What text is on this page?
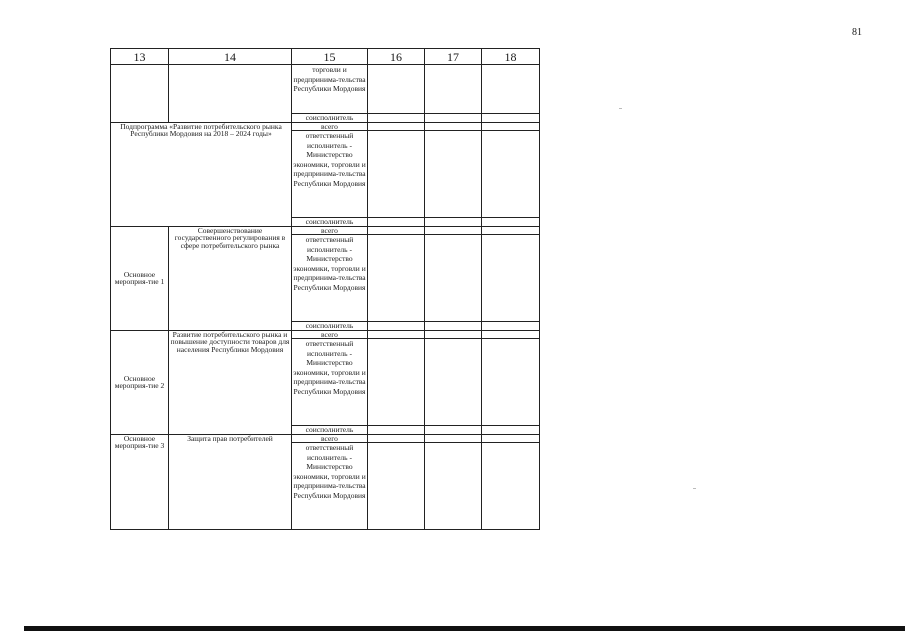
81
13	14	15	16	17	18
		торговли и предпринима-тельства Республики Мордовия			
		соисполнитель			
Подпрограмма «Развитие потребительского рынка Республики Мордовия на 2018 – 2024 годы»		всего			
		ответственный исполнитель - Министерство экономики, торговли и предпринима-тельства Республики Мордовия			
		соисполнитель			
Основное мероприя-тие 1	Совершенствование государственного регулирования в сфере потребительского рынка	всего			
		ответственный исполнитель - Министерство экономики, торговли и предпринима-тельства Республики Мордовия			
		соисполнитель			
Основное мероприя-тие 2	Развитие потребительского рынка и повышение доступности товаров для населения Республики Мордовия	всего			
		ответственный исполнитель - Министерство экономики, торговли и предпринима-тельства Республики Мордовия			
		соисполнитель			
Основное мероприя-тие 3	Защита прав потребителей	всего			
		ответственный исполнитель - Министерство экономики, торговли и предпринима-тельства Республики Мордовия			
